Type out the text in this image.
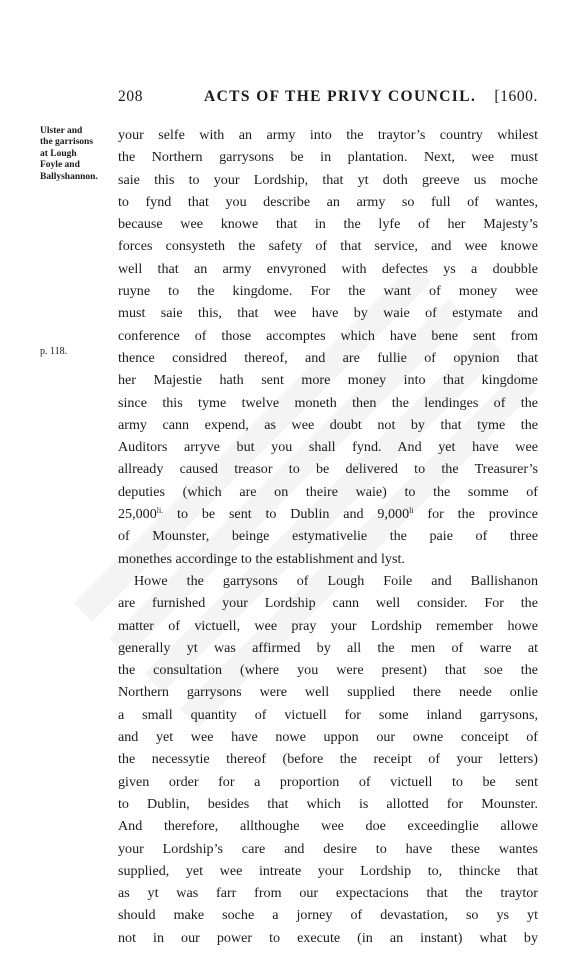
208	ACTS OF THE PRIVY COUNCIL. [1600.
Ulster and
the garrisons
at Lough
Foyle and
Ballyshannon.
p. 118.
your selfe with an army into the traytor’s country whilest
the Northern garrysons be in plantation. Next, wee must
saie this to your Lordship, that yt doth greeve us moche
to fynd that you describe an army so full of wantes,
because wee knowe that in the lyfe of her Majesty’s
forces consysteth the safety of that service, and wee knowe
well that an army envyroned with defectes ys a doubble
ruyne to the kingdome. For the want of money wee
must saie this, that wee have by waie of estymate and
conference of those accomptes which have bene sent from
thence considred thereof, and are fullie of opynion that
her Majestie hath sent more money into that kingdome
since this tyme twelve moneth then the lendinges of the
army cann expend, as wee doubt not by that tyme the
Auditors arryve but you shall fynd. And yet have wee
allready caused treasor to be delivered to the Treasurer’s
deputies (which are on theire waie) to the somme of
$25,000^{li.}$ to be sent to Dublin and $9,000^{li}$ for the province
of Mounster, beinge estymativelie the paie of three
monethes accordinge to the establishment and lyst.
Howe the garrysons of Lough Foile and Ballishanon
are furnished your Lordship cann well consider. For the
matter of victuell, wee pray your Lordship remember howe
generally yt was affirmed by all the men of warre at
the consultation (where you were present) that soe the
Northern garrysons were well supplied there neede onlie
a small quantity of victuell for some inland garrysons,
and yet wee have nowe uppon our owne conceipt of
the necessytie thereof (before the receipt of your letters)
given order for a proportion of victuell to be sent
to Dublin, besides that which is allotted for Mounster.
And therefore, allthoughe wee doe exceedinglie allowe
your Lordship’s care and desire to have these wantes
supplied, yet wee intreate your Lordship to, thincke that
as yt was farr from our expectacions that the traytor
should make soche a jorney of devastation, so ys yt
not in our power to execute (in an instant) what by
